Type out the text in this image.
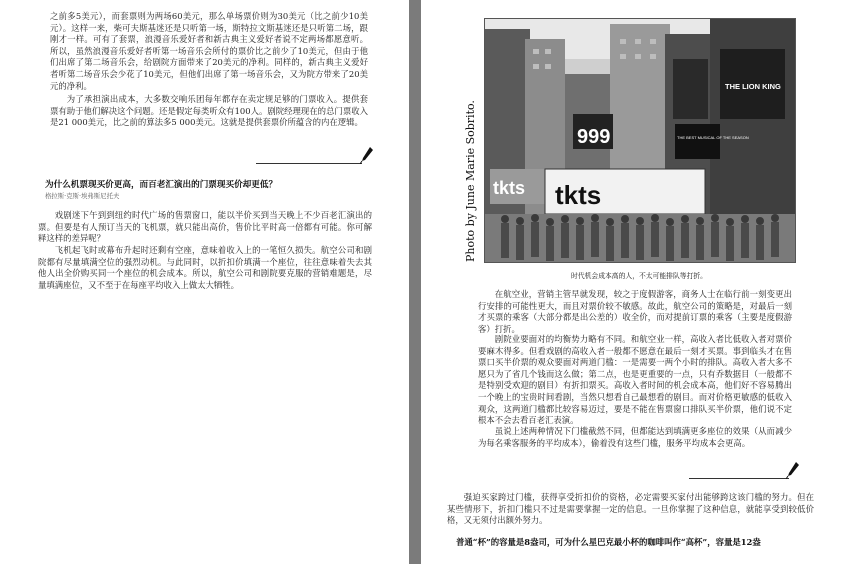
之前多5美元），而套票则为两场60美元，那么单场票价则为30美元（比之前少10美元）。这样一来，柴可夫斯基迷还是只听第一场，斯特拉文斯基迷还是只听第二场，跟刚才一样。可有了套票，浪漫音乐爱好者和新古典主义爱好者说不定两场都愿意听。所以，虽然浪漫音乐爱好者听第一场音乐会所付的票价比之前少了10美元，但由于他们出席了第二场音乐会，给剧院方面带来了20美元的净利。同样的，新古典主义爱好者听第二场音乐会少花了10美元，但他们出席了第一场音乐会，又为院方带来了20美元的净利。

为了承担演出成本，大多数交响乐团每年都存在卖定规足够的门票收入。提供套票有助于他们解决这个问题。还是假定每类听众有100人。剧院经理现在的总门票收入是21 000美元，比之前的算法多5 000美元。这就是提供套票价所蕴含的内在逻辑。

为什么机票现买价更高，而百老汇演出的门票现买价却更低？
格拉斯·克斯·埃弗斯尼托夫

戏剧迷下午到到纽约时代广场的售票窗口，能以半价买到当天晚上不少百老汇演出的票。但要是有人预订当天的飞机票，就只能出高价，售价比平时高一倍都有可能。你可解释这样的差异呢？

飞机起飞时或幕布升起时还剩有空座，意味着收入上的一笔恒久损失。航空公司和剧院都有尽量填满空位的强烈动机。与此同时，以折扣价填满一个座位，往往意味着失去其他人出全价购买同一个座位的机会成本。所以，航空公司和剧院要克服的营销难题是，尽量填满座位，又不至于在每座平均收入上做太大牺牲。

Photo by June Marie Sobrito.	999
tkts tkts
THE LION KING
THE BEST MUSICAL OF THE SEASON
时代机会成本高的人，不太可能排队等打折。

在航空业，营销主管早就发现，较之于度假游客，商务人士在临行前一刻变更出行安排的可能性更大，而且对票价较不敏感。故此，航空公司的策略是，对最后一刻才买票的乘客（大部分都是出公差的）收全价，而对提前订票的乘客（主要是度假游客）打折。

剧院业要面对的均衡势力略有不同。和航空业一样，高收入者比低收入者对票价要麻木得多。但看戏剧的高收入者一般都不愿意在最后一刻才买票。事到临头才在售票口买半价票的观众要面对两道门槛：一是需要一两个小时的排队。高收入者大多不愿只为了省几个钱而这么做；第二点，也是更重要的一点，只有乔数据目（一般都不是特别受欢迎的剧目）有折扣票买。高收入者时间的机会成本高，他们好不容易腾出一个晚上的宝贵时间看剧，当然只想看自己最想看的剧目。而对价格更敏感的低收入观众，这两道门槛都比较容易迈过，要是不能在售票窗口排队买半价票，他们说不定根本不会去看百老汇表演。

虽说上述两种情况下门槛截然不同，但都能达到填满更多座位的效果（从而减少为每名乘客服务的平均成本），偷着没有这些门槛，服务平均成本会更高。

强迫买家跨过门槛，获得享受折扣价的资格，必定需要买家付出能够跨这该门槛的努力。但在某些情形下，折扣门槛只不过是需要掌握一定的信息。一旦你掌握了这种信息，就能享受到较低价格，又无须付出额外努力。

普通“杯”的容量是8盎司，可为什么星巴克最小杯的咖啡叫作“高杯”，容量是12盎
